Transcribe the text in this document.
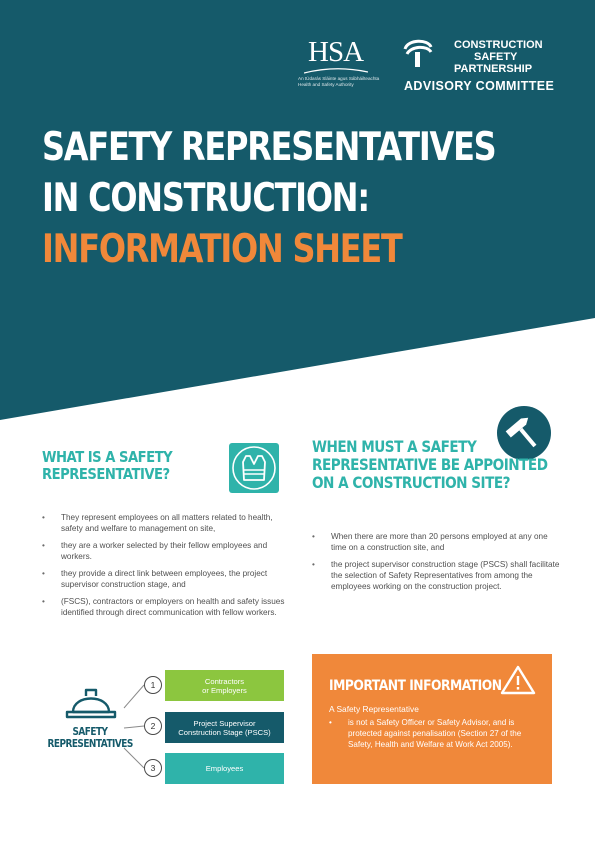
HSA
An tÚdarás Sláinte agus Sábháilteachta Health and Safety Authority
CONSTRUCTION
SAFETY
PARTNERSHIP
ADVISORY COMMITTEE
SAFETY REPRESENTATIVES
IN CONSTRUCTION:
INFORMATION SHEET
WHAT IS A SAFETY
REPRESENTATIVE?
• They represent employees on all matters related to health, safety and welfare to management on site,
• they are a worker selected by their fellow employees and workers.
• they provide a direct link between employees, the project supervisor construction stage, and
• (FSCS), contractors or employers on health and safety issues identified through direct communication with fellow workers.
WHEN MUST A SAFETY
REPRESENTATIVE BE APPOINTED
ON A CONSTRUCTION SITE?
• When there are more than 20 persons employed at any one time on a construction site, and
• the project supervisor construction stage (PSCS) shall facilitate the selection of Safety Representatives from among the employees working on the construction project.
SAFETY
REPRESENTATIVES
1
2
3
Contractors
or Employers
Project Supervisor
Construction Stage (PSCS)
Employees
IMPORTANT INFORMATION
A Safety Representative
• is not a Safety Officer or Safety Advisor, and is protected against penalisation (Section 27 of the Safety, Health and Welfare at Work Act 2005).
